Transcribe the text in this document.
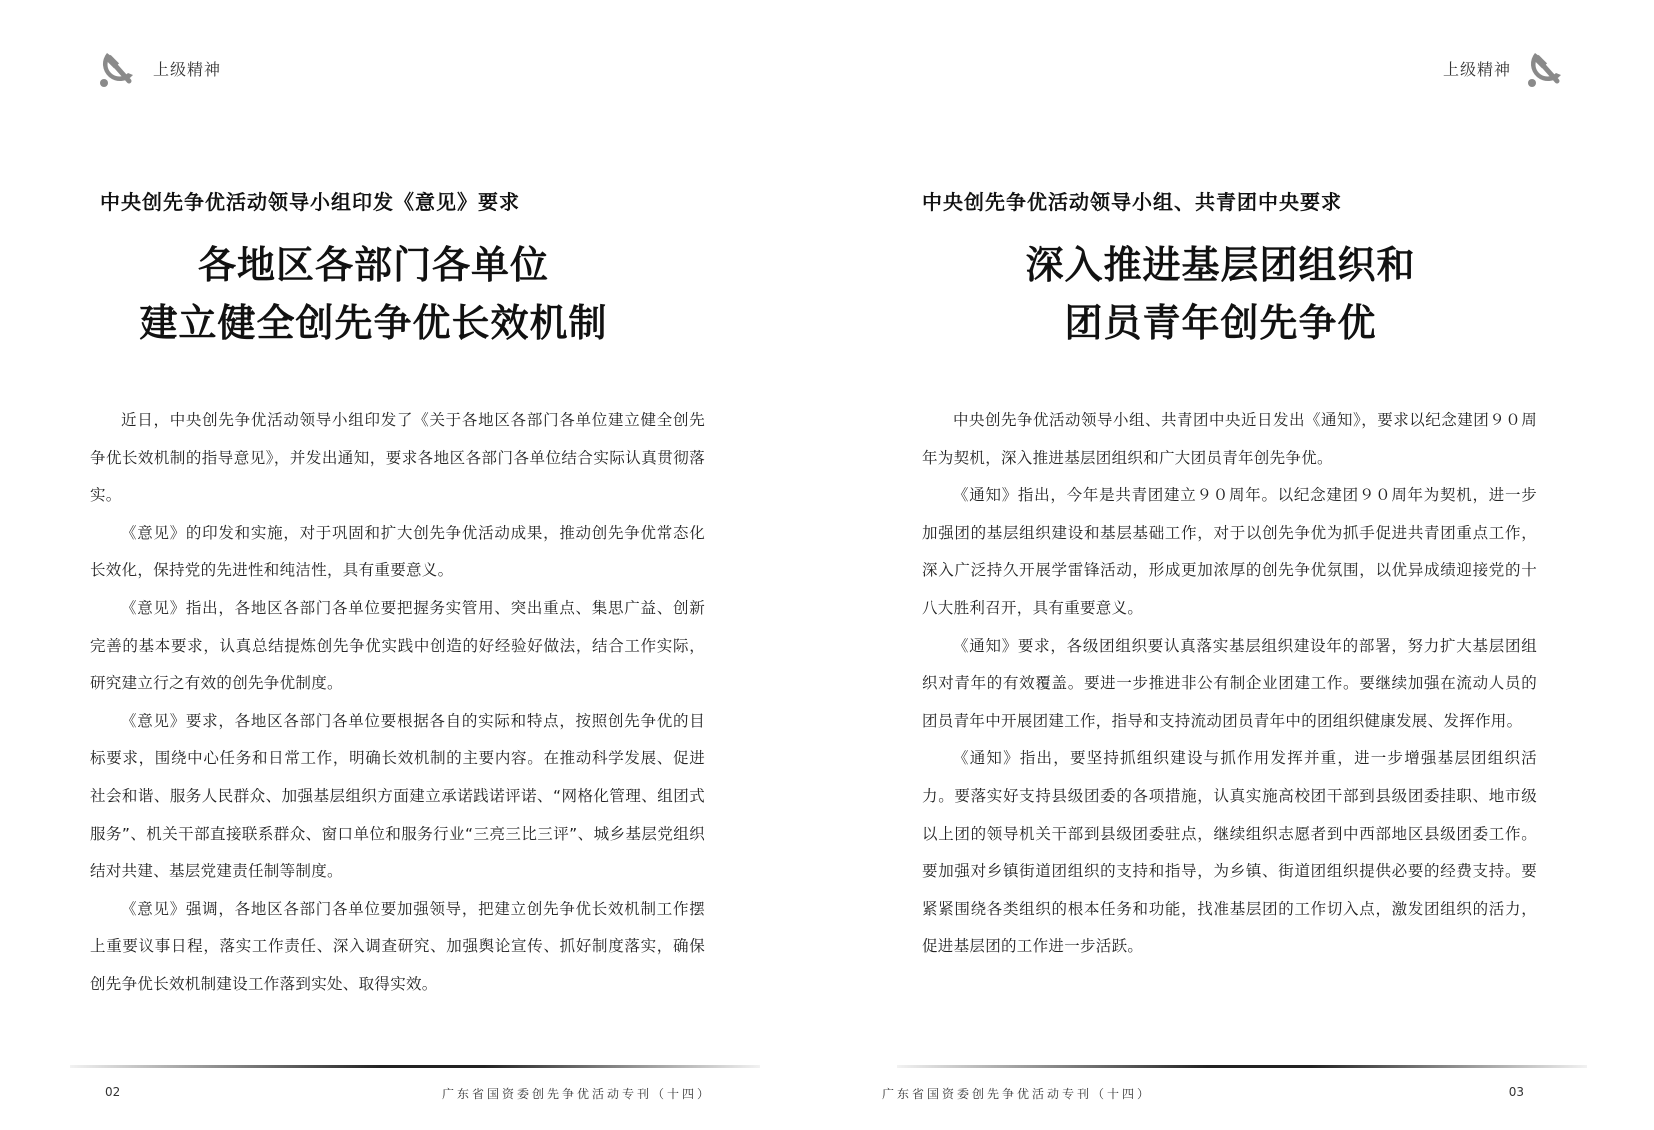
上级精神
中央创先争优活动领导小组印发《意见》要求
各地区各部门各单位
建立健全创先争优长效机制

近日，中央创先争优活动领导小组印发了《关于各地区各部门各单位建立健全创先争优长效机制的指导意见》，并发出通知，要求各地区各部门各单位结合实际认真贯彻落实。

《意见》的印发和实施，对于巩固和扩大创先争优活动成果，推动创先争优常态化长效化，保持党的先进性和纯洁性，具有重要意义。

《意见》指出，各地区各部门各单位要把握务实管用、突出重点、集思广益、创新完善的基本要求，认真总结提炼创先争优实践中创造的好经验好做法，结合工作实际，研究建立行之有效的创先争优制度。

《意见》要求，各地区各部门各单位要根据各自的实际和特点，按照创先争优的目标要求，围绕中心任务和日常工作，明确长效机制的主要内容。在推动科学发展、促进社会和谐、服务人民群众、加强基层组织方面建立承诺践诺评诺、“网格化管理、组团式服务”、机关干部直接联系群众、窗口单位和服务行业“三亮三比三评”、城乡基层党组织结对共建、基层党建责任制等制度。

《意见》强调，各地区各部门各单位要加强领导，把建立创先争优长效机制工作摆上重要议事日程，落实工作责任、深入调查研究、加强舆论宣传、抓好制度落实，确保创先争优长效机制建设工作落到实处、取得实效。

02	广东省国资委创先争优活动专刊（十四）
上级精神
中央创先争优活动领导小组、共青团中央要求
深入推进基层团组织和
团员青年创先争优

中央创先争优活动领导小组、共青团中央近日发出《通知》，要求以纪念建团９０周年为契机，深入推进基层团组织和广大团员青年创先争优。

《通知》指出，今年是共青团建立９０周年。以纪念建团９０周年为契机，进一步加强团的基层组织建设和基层基础工作，对于以创先争优为抓手促进共青团重点工作，深入广泛持久开展学雷锋活动，形成更加浓厚的创先争优氛围，以优异成绩迎接党的十八大胜利召开，具有重要意义。

《通知》要求，各级团组织要认真落实基层组织建设年的部署，努力扩大基层团组织对青年的有效覆盖。要进一步推进非公有制企业团建工作。要继续加强在流动人员的团员青年中开展团建工作，指导和支持流动团员青年中的团组织健康发展、发挥作用。

《通知》指出，要坚持抓组织建设与抓作用发挥并重，进一步增强基层团组织活力。要落实好支持县级团委的各项措施，认真实施高校团干部到县级团委挂职、地市级以上团的领导机关干部到县级团委驻点，继续组织志愿者到中西部地区县级团委工作。要加强对乡镇街道团组织的支持和指导，为乡镇、街道团组织提供必要的经费支持。要紧紧围绕各类组织的根本任务和功能，找准基层团的工作切入点，激发团组织的活力，促进基层团的工作进一步活跃。

广东省国资委创先争优活动专刊（十四）	03
